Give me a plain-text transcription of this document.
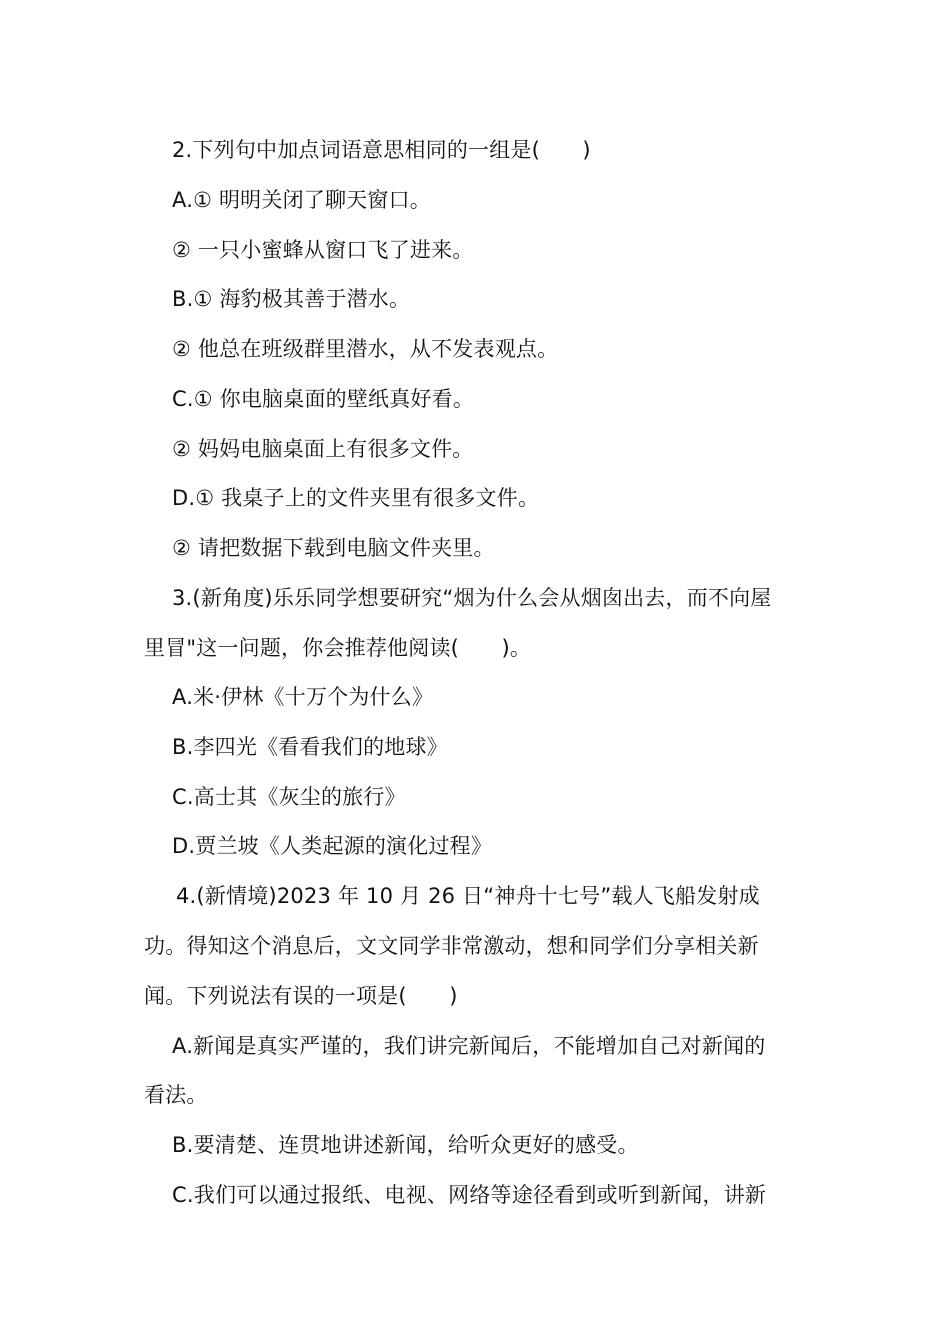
2.下列句中加点词语意思相同的一组是(　　)
A.① 明明关闭了聊天窗口。
② 一只小蜜蜂从窗口飞了进来。
B.① 海豹极其善于潜水。
② 他总在班级群里潜水，从不发表观点。
C.① 你电脑桌面的壁纸真好看。
② 妈妈电脑桌面上有很多文件。
D.① 我桌子上的文件夹里有很多文件。
② 请把数据下载到电脑文件夹里。
3.(新角度)乐乐同学想要研究“烟为什么会从烟囱出去，而不向屋
里冒"这一问题，你会推荐他阅读(　　)。
A.米·伊林《十万个为什么》
B.李四光《看看我们的地球》
C.高士其《灰尘的旅行》
D.贾兰坡《人类起源的演化过程》
4.(新情境)2023 年 10 月 26 日“神舟十七号”载人飞船发射成
功。得知这个消息后，文文同学非常激动，想和同学们分享相关新
闻。下列说法有误的一项是(　　)
A.新闻是真实严谨的，我们讲完新闻后，不能增加自己对新闻的
看法。
B.要清楚、连贯地讲述新闻，给听众更好的感受。
C.我们可以通过报纸、电视、网络等途径看到或听到新闻，讲新
